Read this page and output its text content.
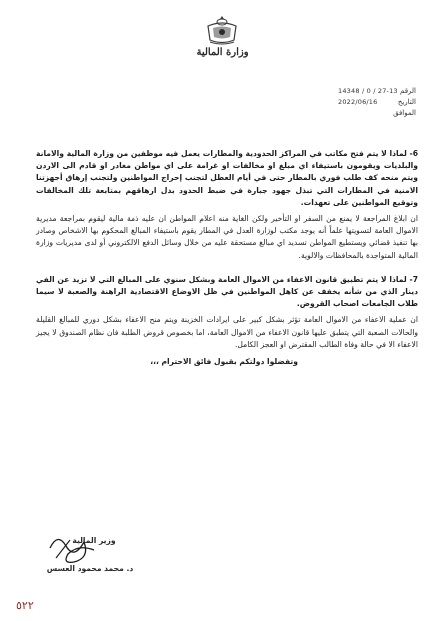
وزارة المالية
14348 / 0 / 27-13 الرقم
2022/06/16	التاريخ
الموافق

6- لماذا لا يتم فتح مكاتب في المراكز الحدودية والمطارات يعمل فيه موظفين من وزارة المالية والامانة والبلديات ويقومون باستيفاء اي مبلغ او مخالفات او غرامة على اي مواطن مغادر او قادم الى الاردن ويتم منحه كف طلب فوري بالمطار حتى في أيام العطل لتجنب إحراج المواطنين ولتجنب إرهاق أجهزتنا الامنية في المطارات التي تبذل جهود جبارة في ضبط الحدود بدل ارهاقهم بمتابعة تلك المخالفات وتوقيع المواطنين على تعهدات.

ان ابلاغ المراجعة لا يمنع من السفر او التأخير ولكن الغاية منه اعلام المواطن ان عليه ذمة مالية ليقوم بمراجعة مديرية الاموال العامة لتسويتها علماً أنه يوجد مكتب لوزارة العدل في المطار يقوم باستيفاء المبالغ المحكوم بها الاشخاص وصادر بها تنفيذ قضائي ويستطيع المواطن تسديد اي مبالغ مستحقة عليه من خلال وسائل الدفع الالكتروني أو لدى مديريات وزارة المالية المتواجدة بالمحافظات والالوية.

7- لماذا لا يتم تطبيق قانون الاعفاء من الاموال العامة وبشكل سنوي على المبالغ التي لا تزيد عن الفي دينار الذي من شأنه يخفف عن كاهل المواطنين في ظل الاوضاع الاقتصادية الراهنة والصعبة لا سيما طلاب الجامعات اصحاب القروض.

ان عملية الاعفاء من الاموال العامة تؤثر بشكل كبير على ايرادات الخزينة ويتم منح الاعفاء بشكل دوري للمبالغ القليلة والحالات الصعبة التي يتطبق عليها قانون الاعفاء من الاموال العامة، اما بخصوص قروض الطلبة فان نظام الصندوق لا يجيز الاعفاء الا في حالة وفاة الطالب المقترض او العجز الكامل.

وتفضلوا دولتكم بقبول فائق الاحترام ،،،

وزير المالية
د. محمد محمود العسس
٥٢٢
